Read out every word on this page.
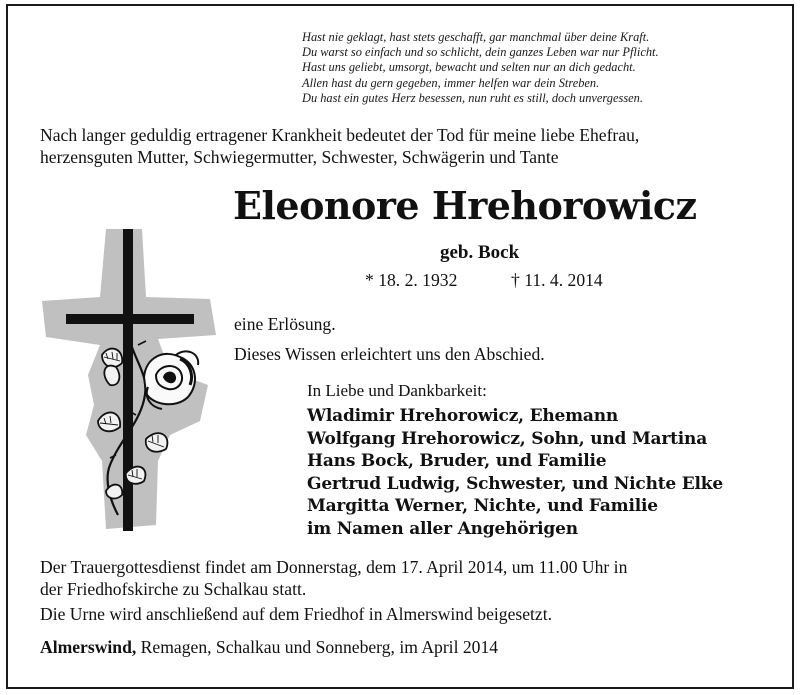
Hast nie geklagt, hast stets geschafft, gar manchmal über deine Kraft.
Du warst so einfach und so schlicht, dein ganzes Leben war nur Pflicht.
Hast uns geliebt, umsorgt, bewacht und selten nur an dich gedacht.
Allen hast du gern gegeben, immer helfen war dein Streben.
Du hast ein gutes Herz besessen, nun ruht es still, doch unvergessen.
Nach langer geduldig ertragener Krankheit bedeutet der Tod für meine liebe Ehefrau,
herzensguten Mutter, Schwiegermutter, Schwester, Schwägerin und Tante
Eleonore Hrehorowicz
geb. Bock
* 18. 2. 1932	† 11. 4. 2014
eine Erlösung.
Dieses Wissen erleichtert uns den Abschied.
In Liebe und Dankbarkeit:
Wladimir Hrehorowicz, Ehemann
Wolfgang Hrehorowicz, Sohn, und Martina
Hans Bock, Bruder, und Familie
Gertrud Ludwig, Schwester, und Nichte Elke
Margitta Werner, Nichte, und Familie
im Namen aller Angehörigen
Der Trauergottesdienst findet am Donnerstag, dem 17. April 2014, um 11.00 Uhr in
der Friedhofskirche zu Schalkau statt.
Die Urne wird anschließend auf dem Friedhof in Almerswind beigesetzt.
Almerswind, Remagen, Schalkau und Sonneberg, im April 2014
